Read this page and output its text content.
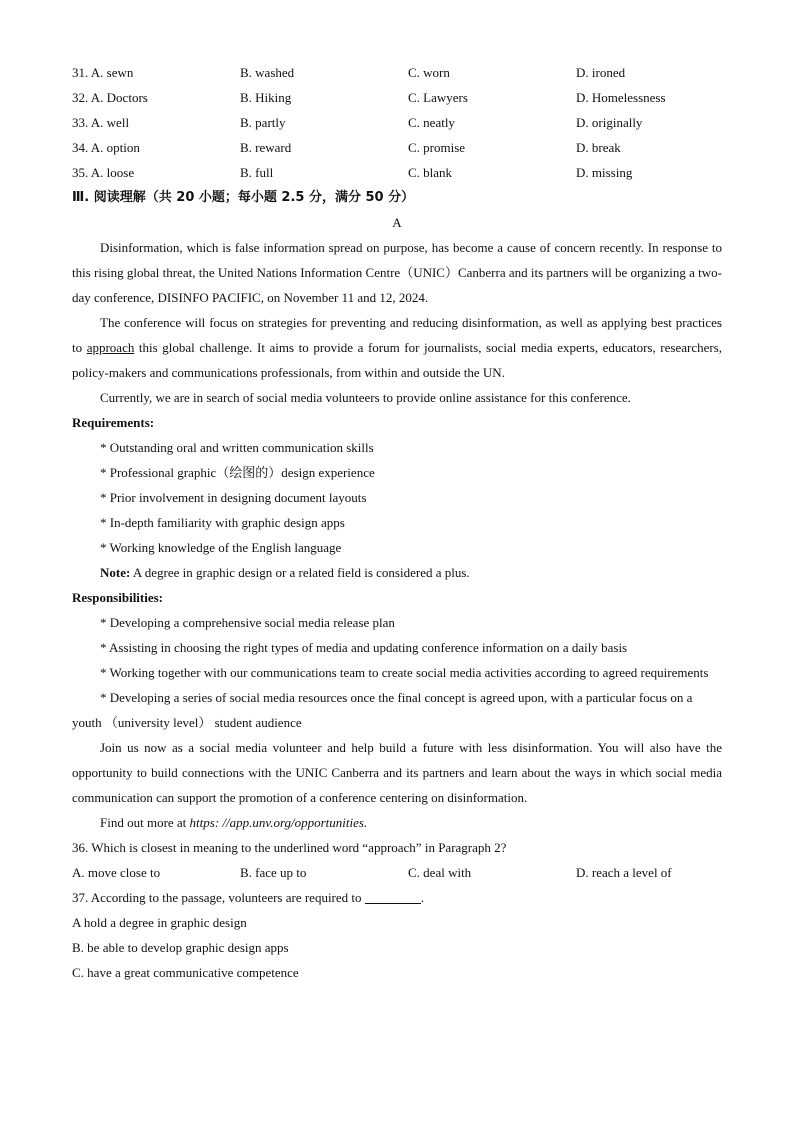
31. A. sewn	B. washed	C. worn	D. ironed
32. A. Doctors	B. Hiking	C. Lawyers	D. Homelessness
33. A. well	B. partly	C. neatly	D. originally
34. A. option	B. reward	C. promise	D. break
35. A. loose	B. full	C. blank	D. missing
Ⅲ. 阅读理解（共 20 小题；每小题 2.5 分，满分 50 分）
A

Disinformation, which is false information spread on purpose, has become a cause of concern recently. In response to this rising global threat, the United Nations Information Centre（UNIC）Canberra and its partners will be organizing a two-day conference, DISINFO PACIFIC, on November 11 and 12, 2024.

The conference will focus on strategies for preventing and reducing disinformation, as well as applying best practices to approach this global challenge. It aims to provide a forum for journalists, social media experts, educators, researchers, policy-makers and communications professionals, from within and outside the UN.

Currently, we are in search of social media volunteers to provide online assistance for this conference.

Requirements:

* Outstanding oral and written communication skills

* Professional graphic（绘图的）design experience

* Prior involvement in designing document layouts

* In-depth familiarity with graphic design apps

* Working knowledge of the English language

Note: A degree in graphic design or a related field is considered a plus.

Responsibilities:

* Developing a comprehensive social media release plan

* Assisting in choosing the right types of media and updating conference information on a daily basis

* Working together with our communications team to create social media activities according to agreed requirements

* Developing a series of social media resources once the final concept is agreed upon, with a particular focus on a youth （university level） student audience

Join us now as a social media volunteer and help build a future with less disinformation. You will also have the opportunity to build connections with the UNIC Canberra and its partners and learn about the ways in which social media communication can support the promotion of a conference centering on disinformation.

Find out more at https: //app.unv.org/opportunities.

36. Which is closest in meaning to the underlined word “approach” in Paragraph 2?
A. move close to	B. face up to	C. deal with	D. reach a level of
37. According to the passage, volunteers are required to	.
A hold a degree in graphic design
B. be able to develop graphic design apps
C. have a great communicative competence
